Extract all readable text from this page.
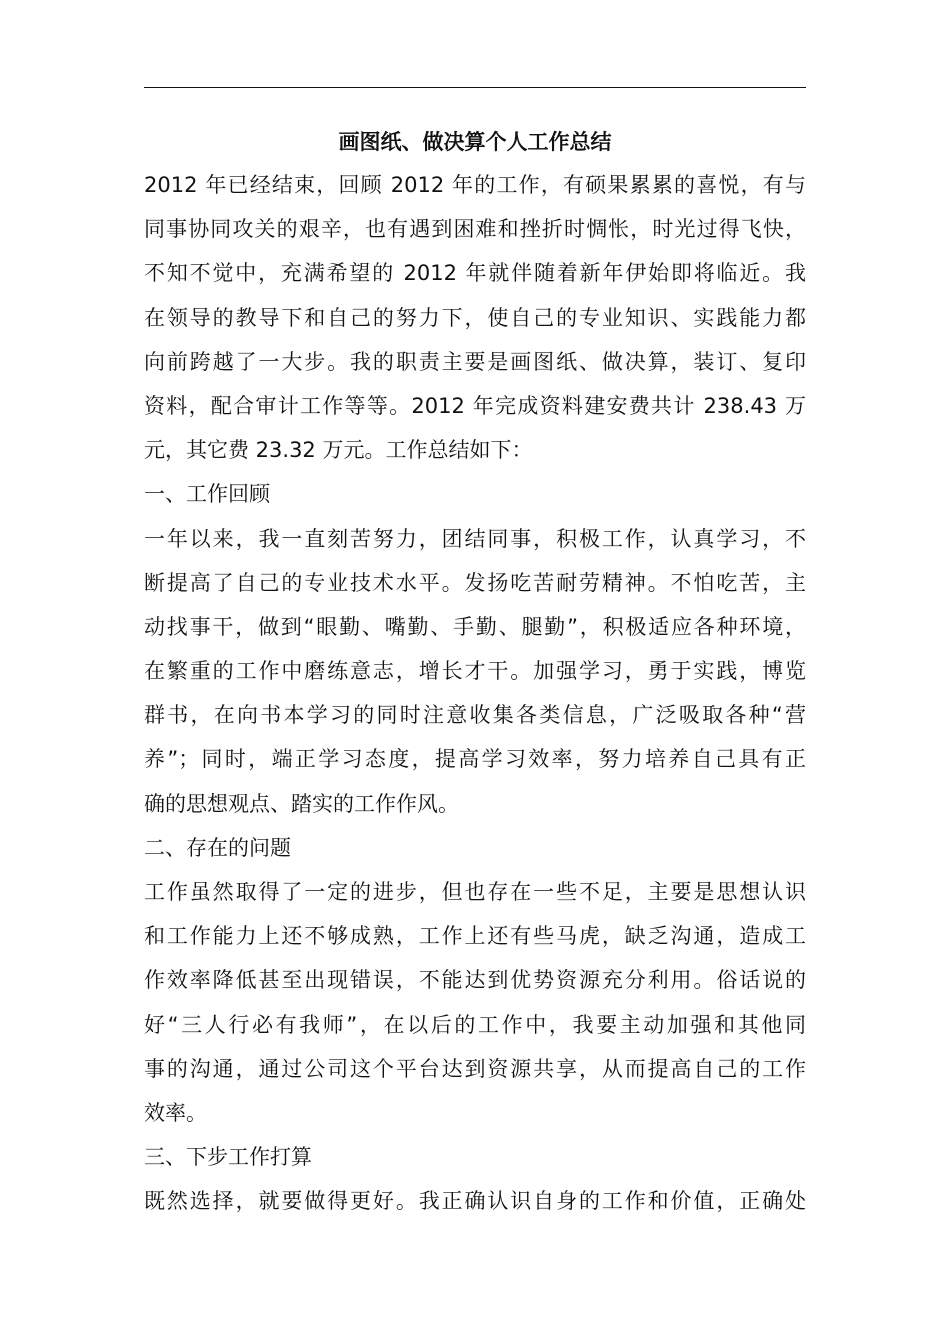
画图纸、做决算个人工作总结
2012 年已经结束，回顾 2012 年的工作，有硕果累累的喜悦，有与
同事协同攻关的艰辛，也有遇到困难和挫折时惆怅，时光过得飞快，
不知不觉中，充满希望的 2012 年就伴随着新年伊始即将临近。我
在领导的教导下和自己的努力下，使自己的专业知识、实践能力都
向前跨越了一大步。我的职责主要是画图纸、做决算，装订、复印
资料，配合审计工作等等。2012 年完成资料建安费共计 238.43 万
元，其它费 23.32 万元。工作总结如下：
一、工作回顾
一年以来，我一直刻苦努力，团结同事，积极工作，认真学习，不
断提高了自己的专业技术水平。发扬吃苦耐劳精神。不怕吃苦，主
动找事干，做到“眼勤、嘴勤、手勤、腿勤”，积极适应各种环境，
在繁重的工作中磨练意志，增长才干。加强学习，勇于实践，博览
群书，在向书本学习的同时注意收集各类信息，广泛吸取各种“营
养”；同时，端正学习态度，提高学习效率，努力培养自己具有正
确的思想观点、踏实的工作作风。
二、存在的问题
工作虽然取得了一定的进步，但也存在一些不足，主要是思想认识
和工作能力上还不够成熟，工作上还有些马虎，缺乏沟通，造成工
作效率降低甚至出现错误，不能达到优势资源充分利用。俗话说的
好“三人行必有我师”，在以后的工作中，我要主动加强和其他同
事的沟通，通过公司这个平台达到资源共享，从而提高自己的工作
效率。
三、下步工作打算
既然选择，就要做得更好。我正确认识自身的工作和价值，正确处
